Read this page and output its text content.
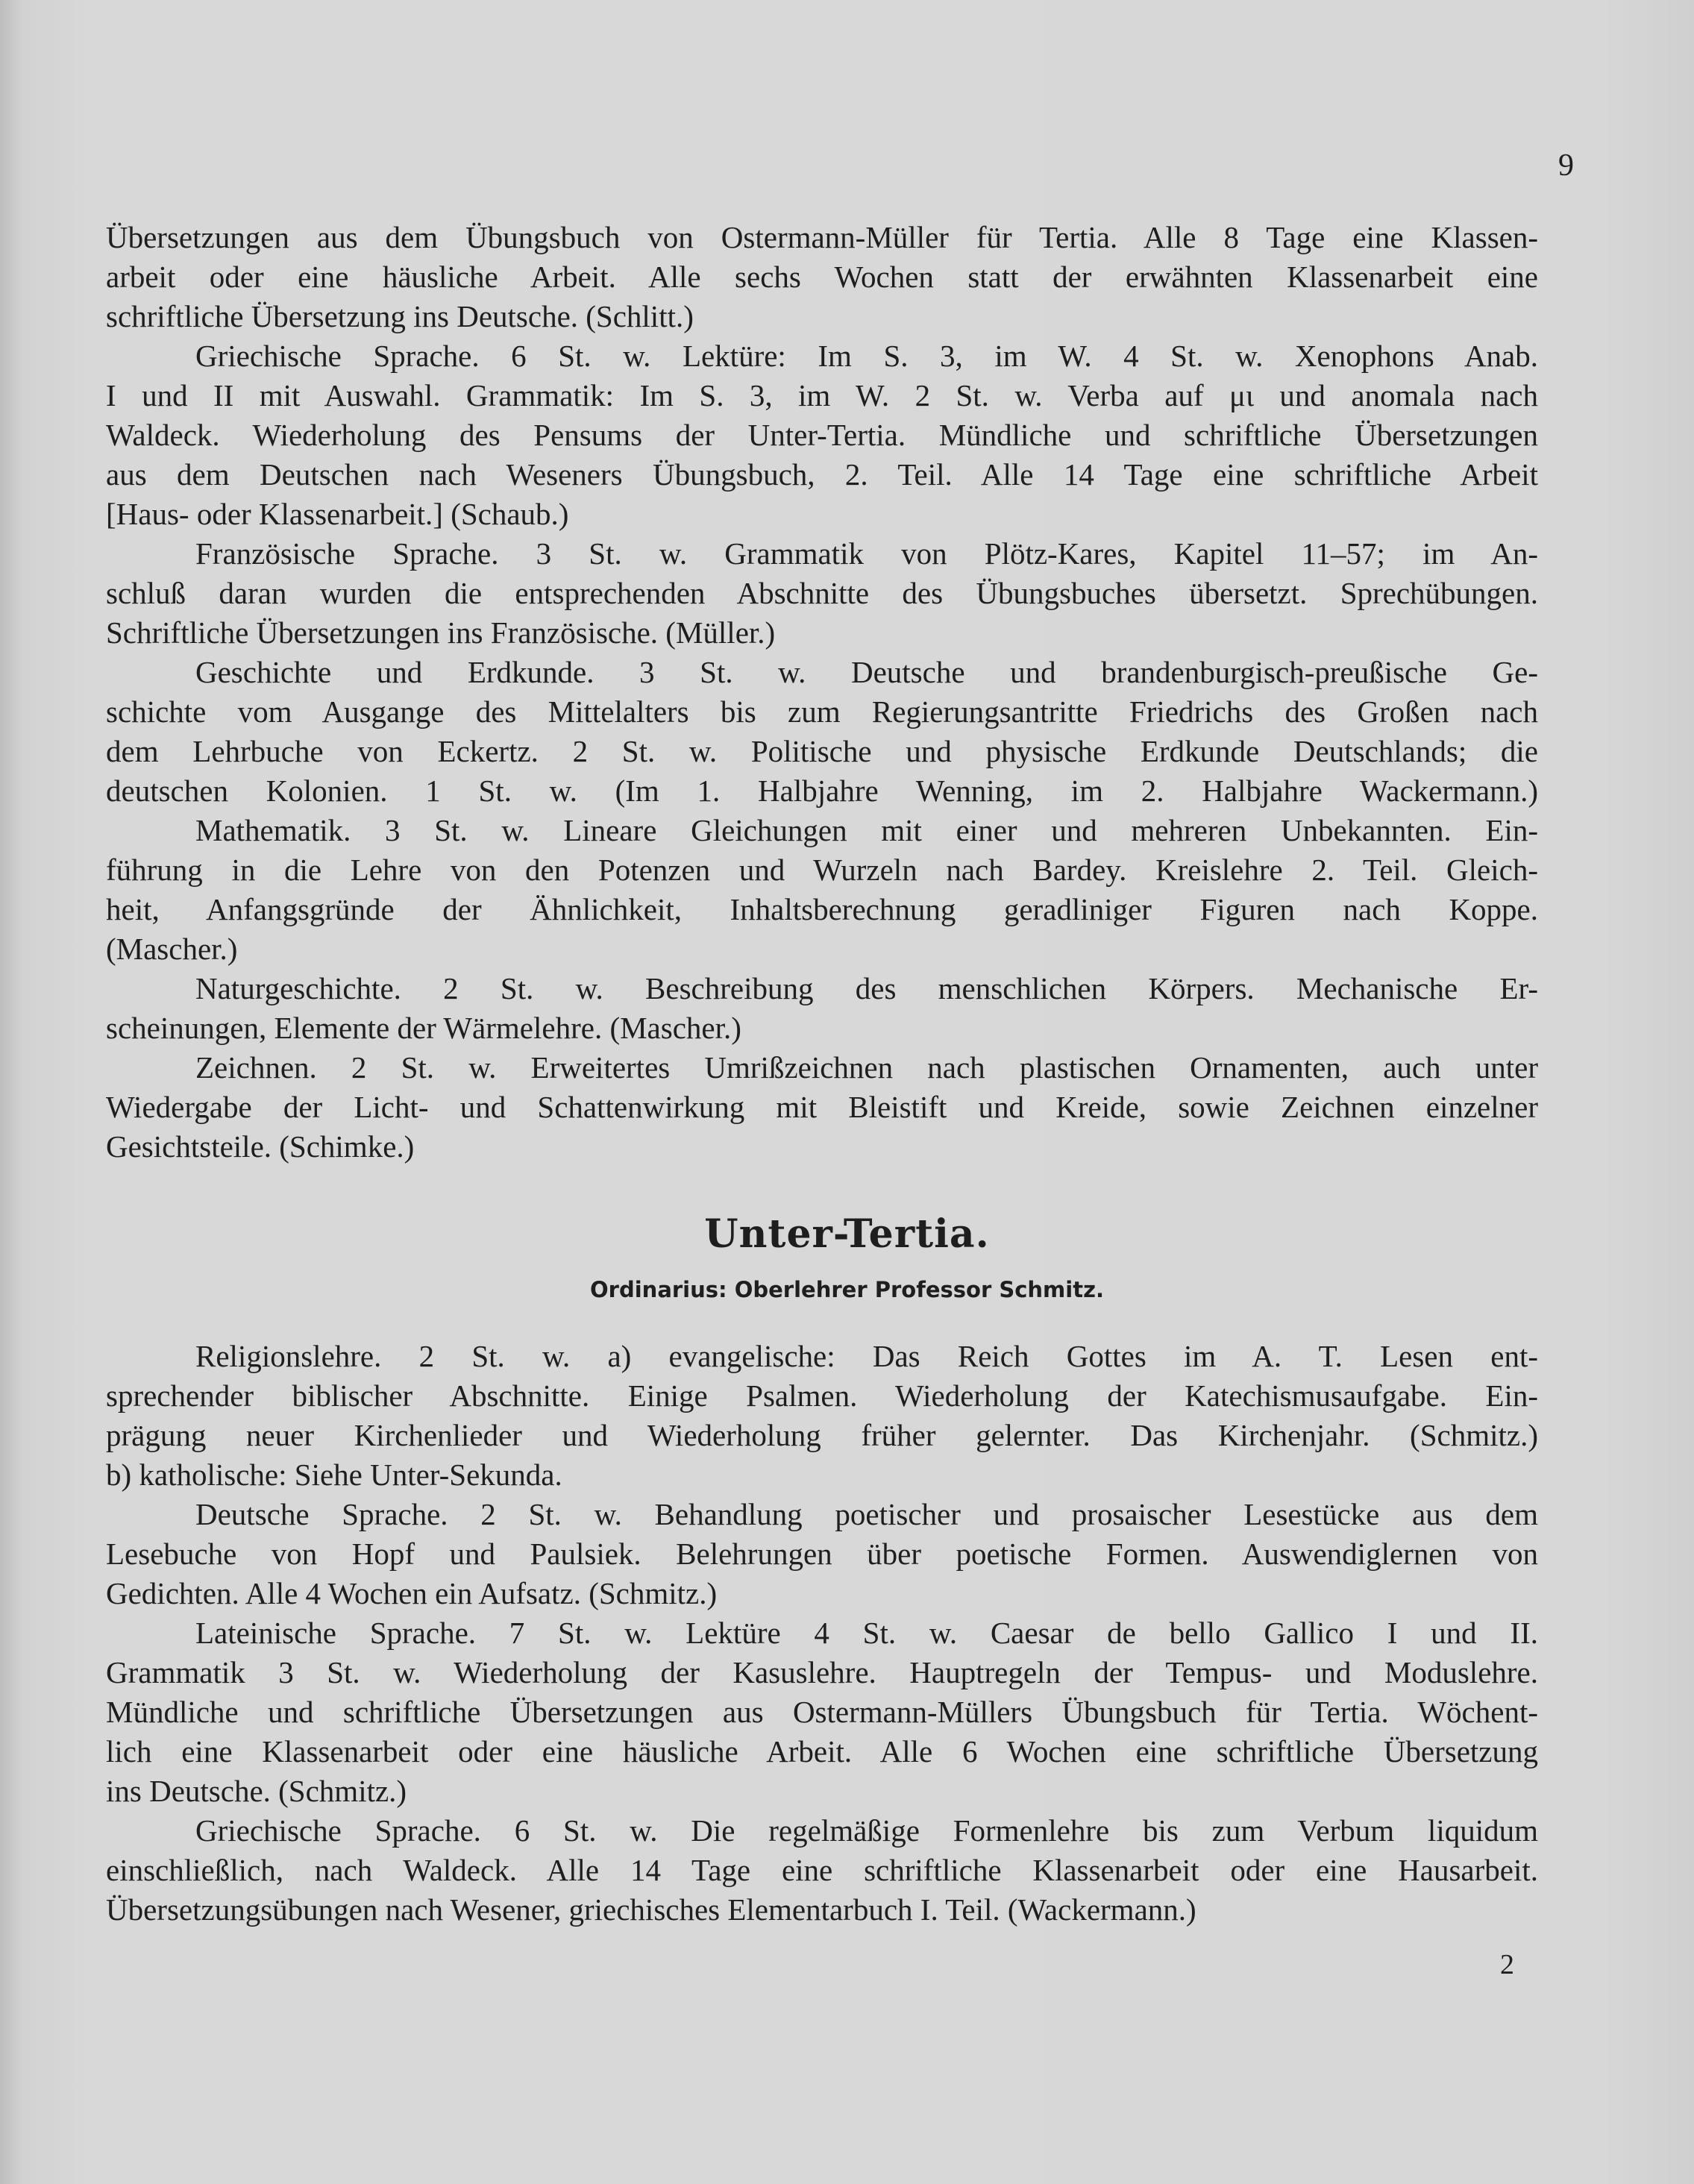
9
Übersetzungen aus dem Übungsbuch von Ostermann-Müller für Tertia. Alle 8 Tage eine Klassen-
arbeit oder eine häusliche Arbeit. Alle sechs Wochen statt der erwähnten Klassenarbeit eine
schriftliche Übersetzung ins Deutsche. (Schlitt.)
Griechische Sprache. 6 St. w. Lektüre: Im S. 3, im W. 4 St. w. Xenophons Anab.
I und II mit Auswahl. Grammatik: Im S. 3, im W. 2 St. w. Verba auf μι und anomala nach
Waldeck. Wiederholung des Pensums der Unter-Tertia. Mündliche und schriftliche Übersetzungen
aus dem Deutschen nach Weseners Übungsbuch, 2. Teil. Alle 14 Tage eine schriftliche Arbeit
[Haus- oder Klassenarbeit.] (Schaub.)
Französische Sprache. 3 St. w. Grammatik von Plötz-Kares, Kapitel 11–57; im An-
schluß daran wurden die entsprechenden Abschnitte des Übungsbuches übersetzt. Sprechübungen.
Schriftliche Übersetzungen ins Französische. (Müller.)
Geschichte und Erdkunde. 3 St. w. Deutsche und brandenburgisch-preußische Ge-
schichte vom Ausgange des Mittelalters bis zum Regierungsantritte Friedrichs des Großen nach
dem Lehrbuche von Eckertz. 2 St. w. Politische und physische Erdkunde Deutschlands; die
deutschen Kolonien. 1 St. w. (Im 1. Halbjahre Wenning, im 2. Halbjahre Wackermann.)
Mathematik. 3 St. w. Lineare Gleichungen mit einer und mehreren Unbekannten. Ein-
führung in die Lehre von den Potenzen und Wurzeln nach Bardey. Kreislehre 2. Teil. Gleich-
heit, Anfangsgründe der Ähnlichkeit, Inhaltsberechnung geradliniger Figuren nach Koppe.
(Mascher.)
Naturgeschichte. 2 St. w. Beschreibung des menschlichen Körpers. Mechanische Er-
scheinungen, Elemente der Wärmelehre. (Mascher.)
Zeichnen. 2 St. w. Erweitertes Umrißzeichnen nach plastischen Ornamenten, auch unter
Wiedergabe der Licht- und Schattenwirkung mit Bleistift und Kreide, sowie Zeichnen einzelner
Gesichtsteile. (Schimke.)
Unter-Tertia.
Ordinarius: Oberlehrer Professor Schmitz.
Religionslehre. 2 St. w. a) evangelische: Das Reich Gottes im A. T. Lesen ent-
sprechender biblischer Abschnitte. Einige Psalmen. Wiederholung der Katechismusaufgabe. Ein-
prägung neuer Kirchenlieder und Wiederholung früher gelernter. Das Kirchenjahr. (Schmitz.)
b) katholische: Siehe Unter-Sekunda.
Deutsche Sprache. 2 St. w. Behandlung poetischer und prosaischer Lesestücke aus dem
Lesebuche von Hopf und Paulsiek. Belehrungen über poetische Formen. Auswendiglernen von
Gedichten. Alle 4 Wochen ein Aufsatz. (Schmitz.)
Lateinische Sprache. 7 St. w. Lektüre 4 St. w. Caesar de bello Gallico I und II.
Grammatik 3 St. w. Wiederholung der Kasuslehre. Hauptregeln der Tempus- und Moduslehre.
Mündliche und schriftliche Übersetzungen aus Ostermann-Müllers Übungsbuch für Tertia. Wöchent-
lich eine Klassenarbeit oder eine häusliche Arbeit. Alle 6 Wochen eine schriftliche Übersetzung
ins Deutsche. (Schmitz.)
Griechische Sprache. 6 St. w. Die regelmäßige Formenlehre bis zum Verbum liquidum
einschließlich, nach Waldeck. Alle 14 Tage eine schriftliche Klassenarbeit oder eine Hausarbeit.
Übersetzungsübungen nach Wesener, griechisches Elementarbuch I. Teil. (Wackermann.)
2
